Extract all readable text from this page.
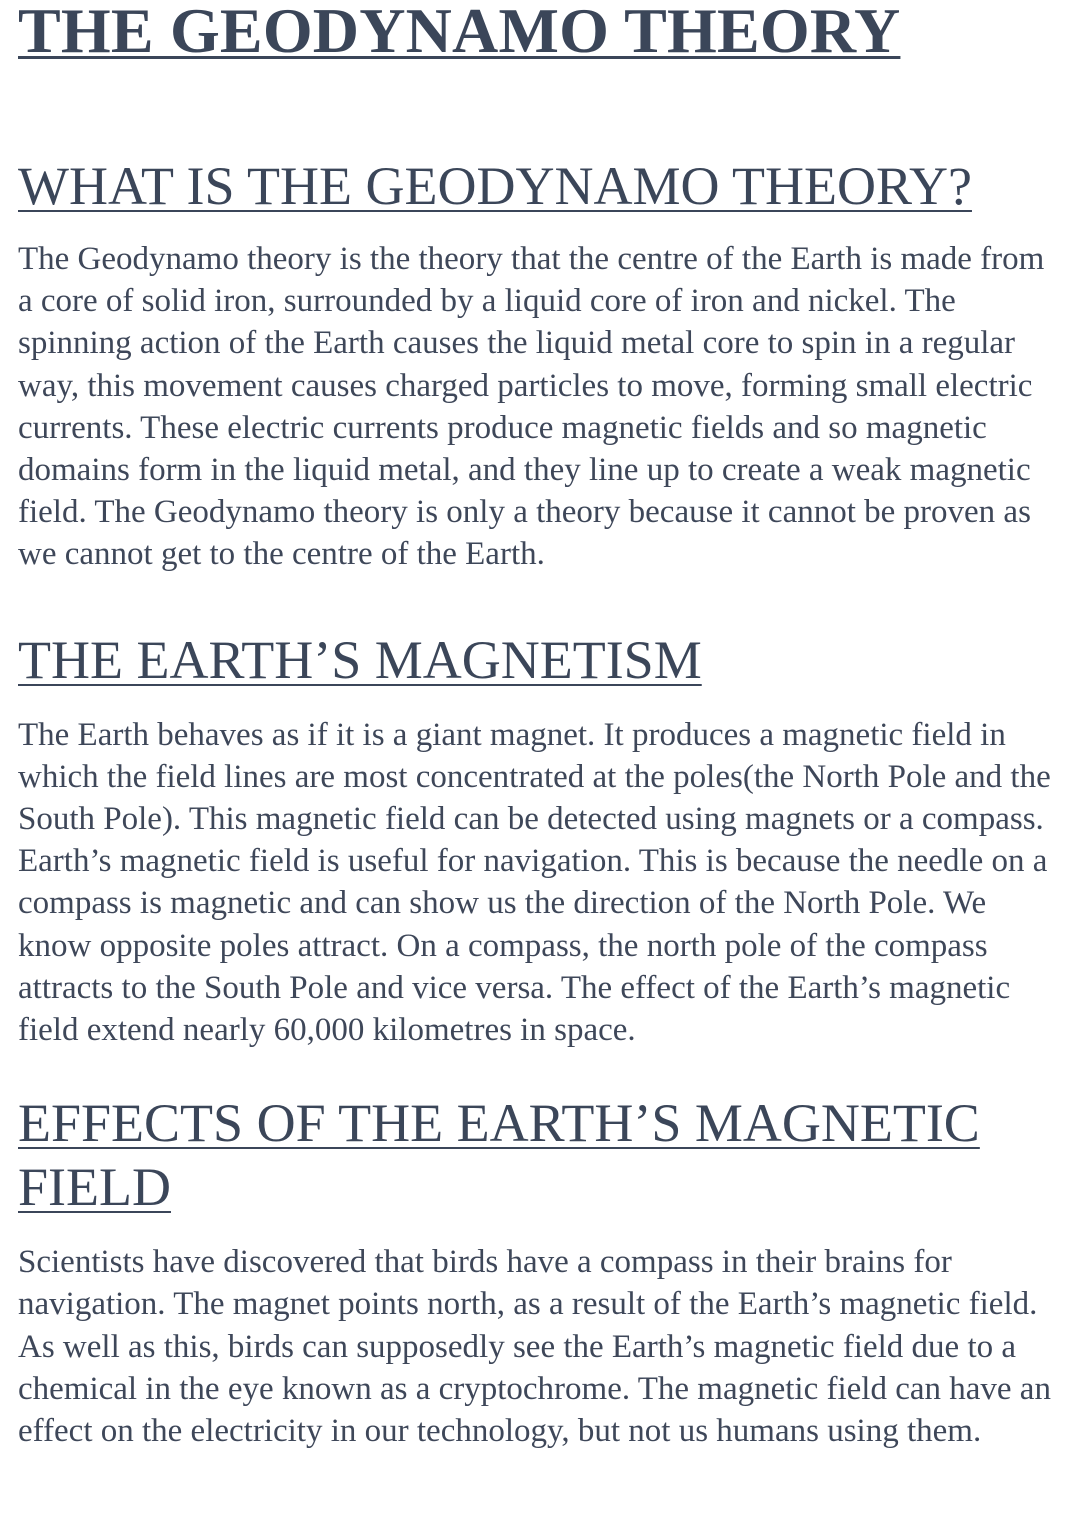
THE GEODYNAMO THEORY
WHAT IS THE GEODYNAMO THEORY?

The Geodynamo theory is the theory that the centre of the Earth is made from a core of solid iron, surrounded by a liquid core of iron and nickel. The spinning action of the Earth causes the liquid metal core to spin in a regular way, this movement causes charged particles to move, forming small electric currents. These electric currents produce magnetic fields and so magnetic domains form in the liquid metal, and they line up to create a weak magnetic field. The Geodynamo theory is only a theory because it cannot be proven as we cannot get to the centre of the Earth.

THE EARTH’S MAGNETISM

The Earth behaves as if it is a giant magnet. It produces a magnetic field in which the field lines are most concentrated at the poles(the North Pole and the South Pole). This magnetic field can be detected using magnets or a compass. Earth’s magnetic field is useful for navigation. This is because the needle on a compass is magnetic and can show us the direction of the North Pole. We know opposite poles attract. On a compass, the north pole of the compass attracts to the South Pole and vice versa. The effect of the Earth’s magnetic field extend nearly 60,000 kilometres in space.

EFFECTS OF THE EARTH’S MAGNETIC FIELD

Scientists have discovered that birds have a compass in their brains for navigation. The magnet points north, as a result of the Earth’s magnetic field. As well as this, birds can supposedly see the Earth’s magnetic field due to a chemical in the eye known as a cryptochrome. The magnetic field can have an effect on the electricity in our technology, but not us humans using them.
